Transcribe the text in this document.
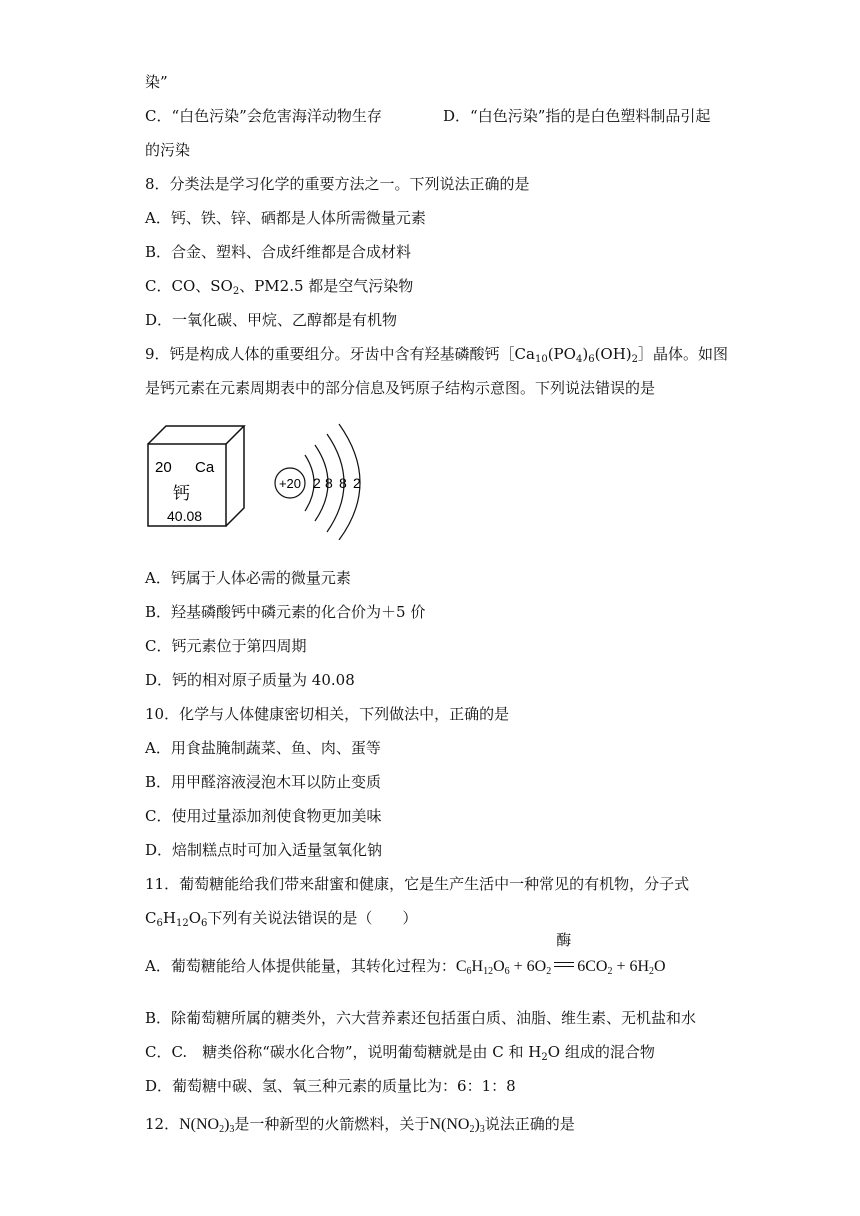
染”
C．“白色污染”会危害海洋动物生存	D．“白色污染”指的是白色塑料制品引起
的污染
8．分类法是学习化学的重要方法之一。下列说法正确的是
A．钙、铁、锌、硒都是人体所需微量元素
B．合金、塑料、合成纤维都是合成材料
C．CO、$SO_2$、PM2.5 都是空气污染物
D．一氧化碳、甲烷、乙醇都是有机物
9．钙是构成人体的重要组分。牙齿中含有羟基磷酸钙$[Ca_{10}(PO_4)_6(OH)_2]$晶体。如图
是钙元素在元素周期表中的部分信息及钙原子结构示意图。下列说法错误的是
20 Ca
钙
40.08
+20 2 8 8 2
A．钙属于人体必需的微量元素
B．羟基磷酸钙中磷元素的化合价为＋5 价
C．钙元素位于第四周期
D．钙的相对原子质量为 40.08
10．化学与人体健康密切相关，下列做法中，正确的是
A．用食盐腌制蔬菜、鱼、肉、蛋等
B．用甲醛溶液浸泡木耳以防止变质
C．使用过量添加剂使食物更加美味
D．焙制糕点时可加入适量氢氧化钠
11．葡萄糖能给我们带来甜蜜和健康，它是生产生活中一种常见的有机物，分子式
$C_6H_{12}O_6$下列有关说法错误的是（　　）
A．葡萄糖能给人体提供能量，其转化过程为：$C_6H_{12}O_6 + 6O_2$
酶
$6CO_2 + 6H_2O$
B．除葡萄糖所属的糖类外，六大营养素还包括蛋白质、油脂、维生素、无机盐和水
C．C.　糖类俗称“碳水化合物”，说明葡萄糖就是由 C 和 $H_2O$ 组成的混合物
D．葡萄糖中碳、氢、氧三种元素的质量比为：6：1：8
12．$N(NO_2)_3$是一种新型的火箭燃料，关于$N(NO_2)_3$说法正确的是
